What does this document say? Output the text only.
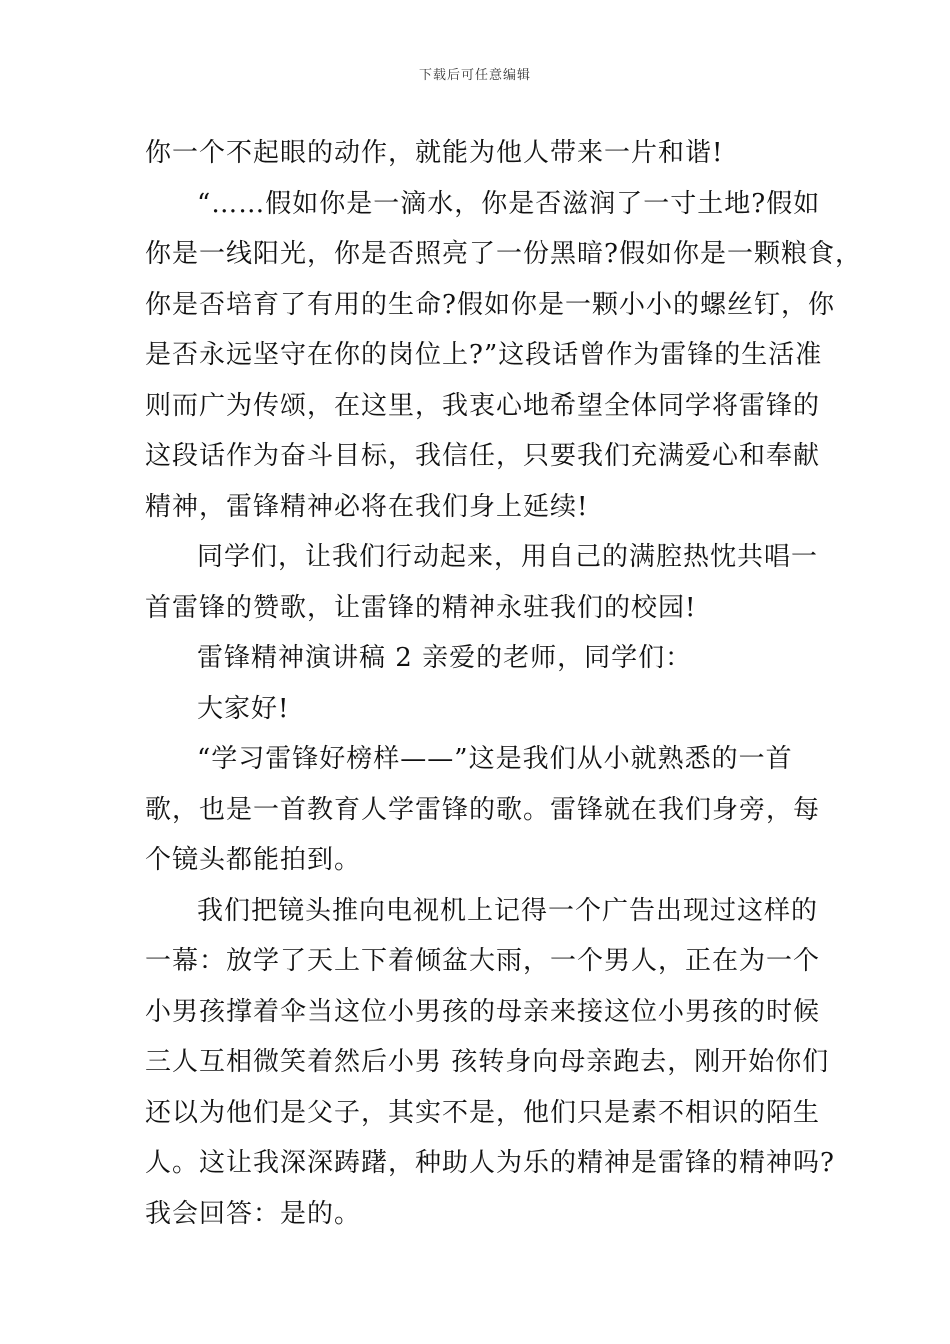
下载后可任意编辑
你一个不起眼的动作，就能为他人带来一片和谐!
“……假如你是一滴水，你是否滋润了一寸土地?假如
你是一线阳光，你是否照亮了一份黑暗?假如你是一颗粮食，
你是否培育了有用的生命?假如你是一颗小小的螺丝钉，你
是否永远坚守在你的岗位上?”这段话曾作为雷锋的生活准
则而广为传颂，在这里，我衷心地希望全体同学将雷锋的
这段话作为奋斗目标，我信任，只要我们充满爱心和奉献
精神，雷锋精神必将在我们身上延续!
同学们，让我们行动起来，用自己的满腔热忱共唱一
首雷锋的赞歌，让雷锋的精神永驻我们的校园!
雷锋精神演讲稿 2 亲爱的老师，同学们：
大家好!
“学习雷锋好榜样——”这是我们从小就熟悉的一首
歌，也是一首教育人学雷锋的歌。雷锋就在我们身旁，每
个镜头都能拍到。
我们把镜头推向电视机上记得一个广告出现过这样的
一幕：放学了天上下着倾盆大雨，一个男人，正在为一个
小男孩撑着伞当这位小男孩的母亲来接这位小男孩的时候
三人互相微笑着然后小男 孩转身向母亲跑去，刚开始你们
还以为他们是父子，其实不是，他们只是素不相识的陌生
人。这让我深深踌躇，种助人为乐的精神是雷锋的精神吗?
我会回答：是的。
